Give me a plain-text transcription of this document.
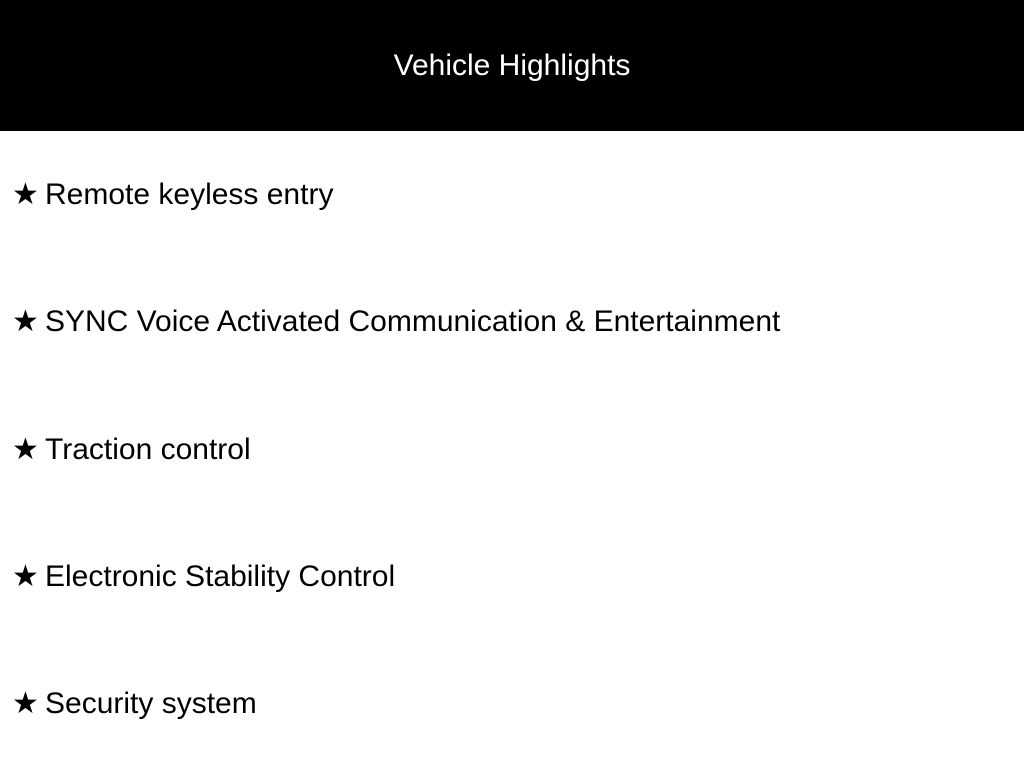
Vehicle Highlights
★ Remote keyless entry
★ SYNC Voice Activated Communication & Entertainment
★ Traction control
★ Electronic Stability Control
★ Security system
